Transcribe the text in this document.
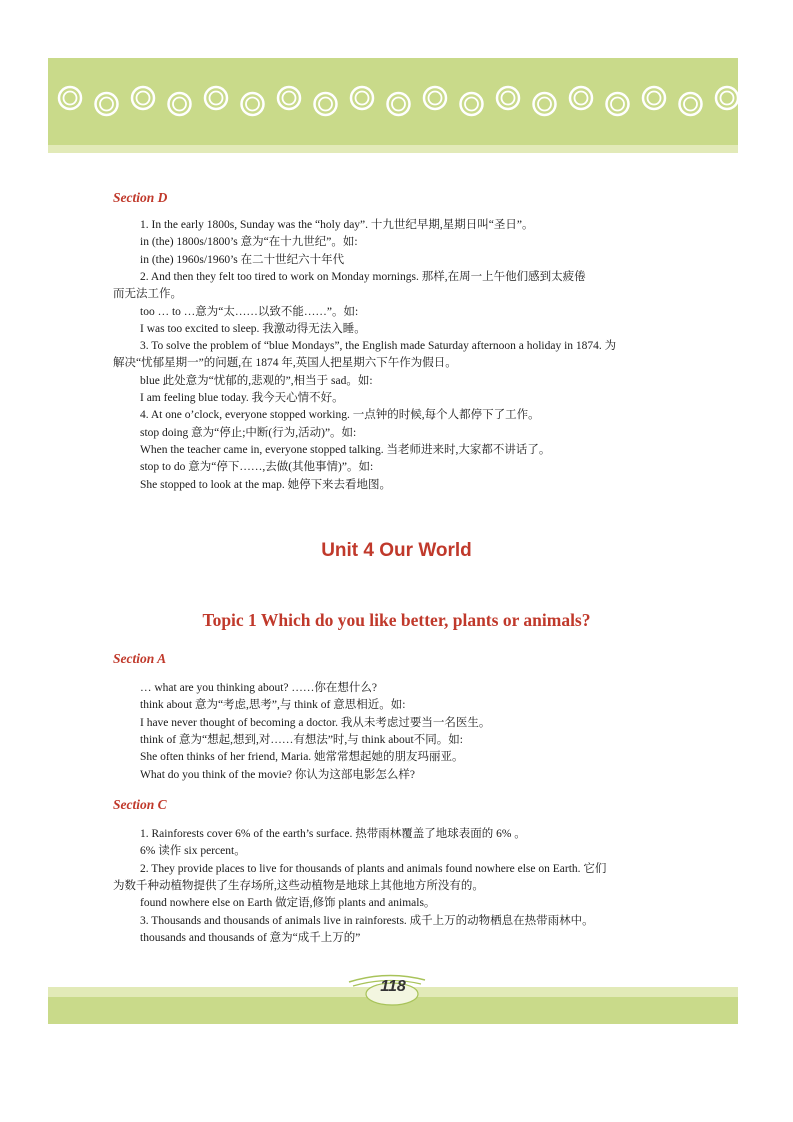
Section D
1. In the early 1800s, Sunday was the “holy day”. 十九世纪早期,星期日叫“圣日”。
in (the) 1800s/1800’s 意为“在十九世纪”。如:
in (the) 1960s/1960’s 在二十世纪六十年代
2. And then they felt too tired to work on Monday mornings. 那样,在周一上午他们感到太疲倦
而无法工作。
too … to …意为“太……以致不能……”。如:
I was too excited to sleep. 我激动得无法入睡。
3. To solve the problem of “blue Mondays”, the English made Saturday afternoon a holiday in 1874. 为
解决“忧郁星期一”的问题,在 1874 年,英国人把星期六下午作为假日。
blue 此处意为“忧郁的,悲观的”,相当于 sad。如:
I am feeling blue today. 我今天心情不好。
4. At one o’clock, everyone stopped working. 一点钟的时候,每个人都停下了工作。
stop doing 意为“停止;中断(行为,活动)”。如:
When the teacher came in, everyone stopped talking. 当老师进来时,大家都不讲话了。
stop to do 意为“停下……,去做(其他事情)”。如:
She stopped to look at the map. 她停下来去看地图。
Unit 4 Our World
Topic 1 Which do you like better, plants or animals?
Section A
… what are you thinking about? ……你在想什么?
think about 意为“考虑,思考”,与 think of 意思相近。如:
I have never thought of becoming a doctor. 我从未考虑过要当一名医生。
think of 意为“想起,想到,对……有想法”时,与 think about不同。如:
She often thinks of her friend, Maria. 她常常想起她的朋友玛丽亚。
What do you think of the movie? 你认为这部电影怎么样?
Section C
1. Rainforests cover 6% of the earth’s surface. 热带雨林覆盖了地球表面的 6% 。
6% 读作 six percent。
2. They provide places to live for thousands of plants and animals found nowhere else on Earth. 它们
为数千种动植物提供了生存场所,这些动植物是地球上其他地方所没有的。
found nowhere else on Earth 做定语,修饰 plants and animals。
3. Thousands and thousands of animals live in rainforests. 成千上万的动物栖息在热带雨林中。
thousands and thousands of 意为“成千上万的”
118
